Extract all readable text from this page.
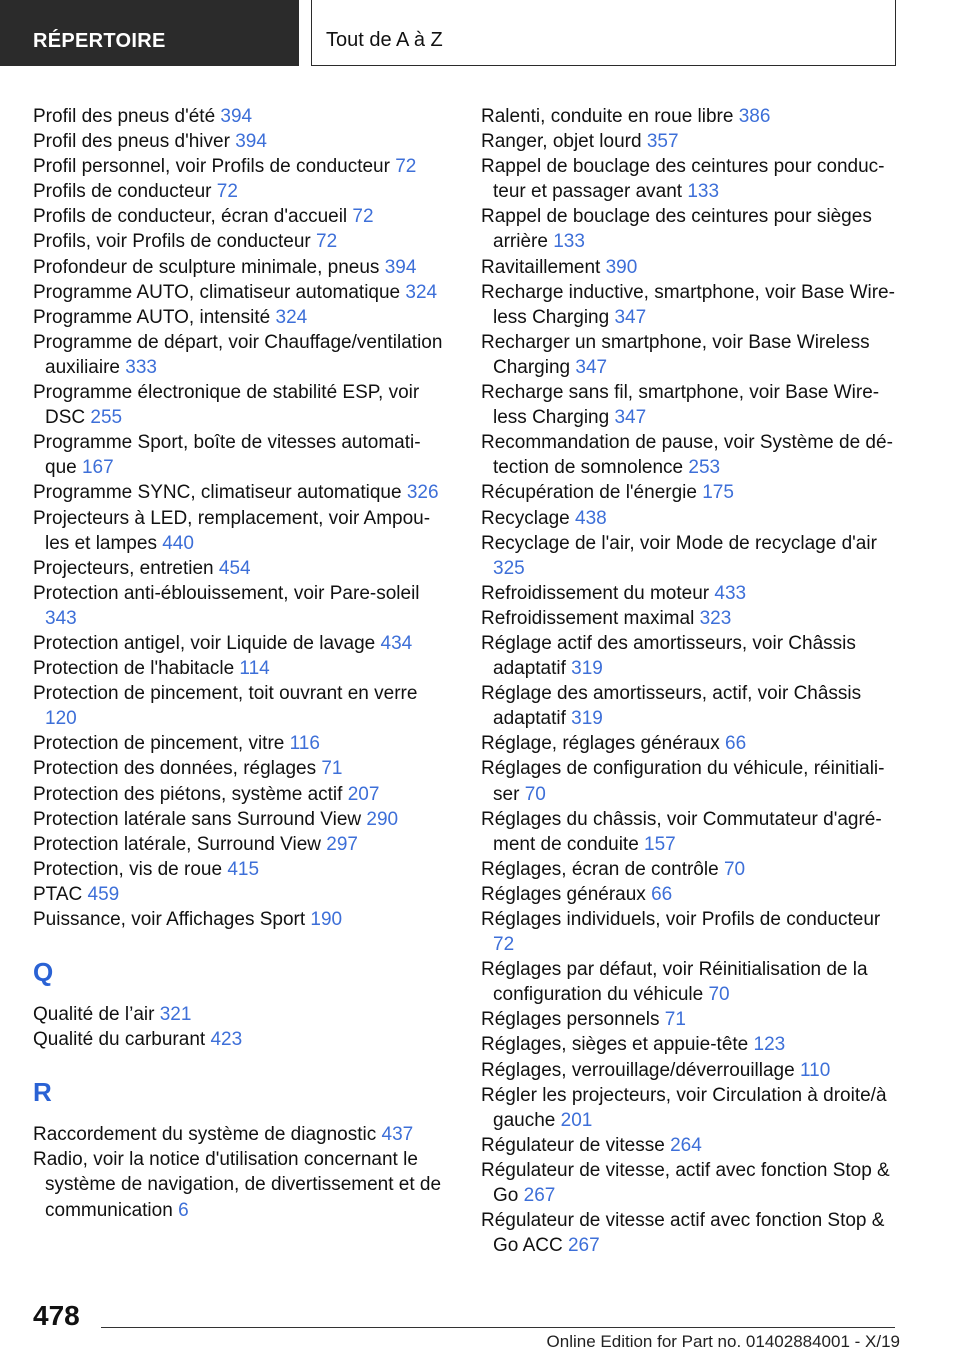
RÉPERTOIRE	Tout de A à Z
Profil des pneus d'été 394
Profil des pneus d'hiver 394
Profil personnel, voir Profils de conducteur 72
Profils de conducteur 72
Profils de conducteur, écran d'accueil 72
Profils, voir Profils de conducteur 72
Profondeur de sculpture minimale, pneus 394
Programme AUTO, climatiseur automatique 324
Programme AUTO, intensité 324
Programme de départ, voir Chauffage/ventilation auxiliaire 333
Programme électronique de stabilité ESP, voir DSC 255
Programme Sport, boîte de vitesses automatique 167
Programme SYNC, climatiseur automatique 326
Projecteurs à LED, remplacement, voir Ampoules et lampes 440
Projecteurs, entretien 454
Protection anti-éblouissement, voir Pare-soleil 343
Protection antigel, voir Liquide de lavage 434
Protection de l'habitacle 114
Protection de pincement, toit ouvrant en verre 120
Protection de pincement, vitre 116
Protection des données, réglages 71
Protection des piétons, système actif 207
Protection latérale sans Surround View 290
Protection latérale, Surround View 297
Protection, vis de roue 415
PTAC 459
Puissance, voir Affichages Sport 190
Q
Qualité de l’air 321
Qualité du carburant 423
R
Raccordement du système de diagnostic 437
Radio, voir la notice d'utilisation concernant le système de navigation, de divertissement et de communication 6
Ralenti, conduite en roue libre 386
Ranger, objet lourd 357
Rappel de bouclage des ceintures pour conducteur et passager avant 133
Rappel de bouclage des ceintures pour sièges arrière 133
Ravitaillement 390
Recharge inductive, smartphone, voir Base Wireless Charging 347
Recharger un smartphone, voir Base Wireless Charging 347
Recharge sans fil, smartphone, voir Base Wireless Charging 347
Recommandation de pause, voir Système de détection de somnolence 253
Récupération de l'énergie 175
Recyclage 438
Recyclage de l'air, voir Mode de recyclage d'air 325
Refroidissement du moteur 433
Refroidissement maximal 323
Réglage actif des amortisseurs, voir Châssis adaptatif 319
Réglage des amortisseurs, actif, voir Châssis adaptatif 319
Réglage, réglages généraux 66
Réglages de configuration du véhicule, réinitialiser 70
Réglages du châssis, voir Commutateur d'agrément de conduite 157
Réglages, écran de contrôle 70
Réglages généraux 66
Réglages individuels, voir Profils de conducteur 72
Réglages par défaut, voir Réinitialisation de la configuration du véhicule 70
Réglages personnels 71
Réglages, sièges et appuie-tête 123
Réglages, verrouillage/déverrouillage 110
Régler les projecteurs, voir Circulation à droite/à gauche 201
Régulateur de vitesse 264
Régulateur de vitesse, actif avec fonction Stop & Go 267
Régulateur de vitesse actif avec fonction Stop & Go ACC 267
478
Online Edition for Part no. 01402884001 - X/19
